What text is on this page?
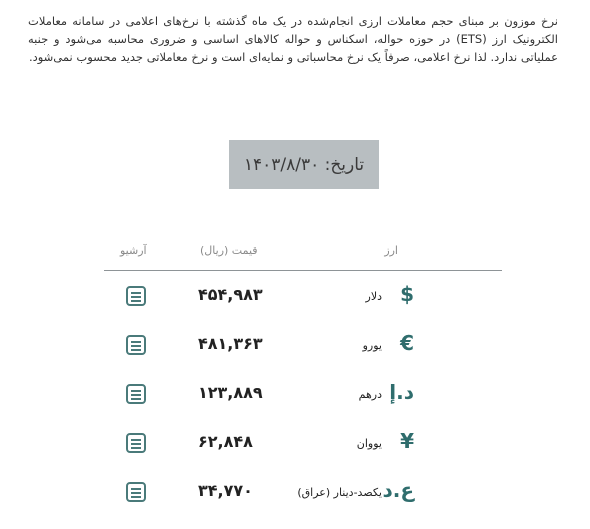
نرخ موزون بر مبنای حجم معاملات ارزی انجام‌شده در یک ماه گذشته با نرخ‌های اعلامی در سامانه معاملات الکترونیک ارز (ETS) در حوزه حواله، اسکناس و حواله کالاهای اساسی و ضروری محاسبه می‌شود و جنبه عملیاتی ندارد. لذا نرخ اعلامی، صرفاً یک نرخ محاسباتی و نمایه‌ای است و نرخ معاملاتی جدید محسوب نمی‌شود.
تاریخ: ۱۴۰۳/۸/۳۰
ارز
قیمت (ریال)
آرشیو
$
دلار
۴۵۴,۹۸۳
€
یورو
۴۸۱,۳۶۳
د.إ
درهم
۱۲۳,۸۸۹
¥
یووان
۶۲,۸۴۸
ع.د
یکصد-دینار (عراق)
۳۴,۷۷۰
